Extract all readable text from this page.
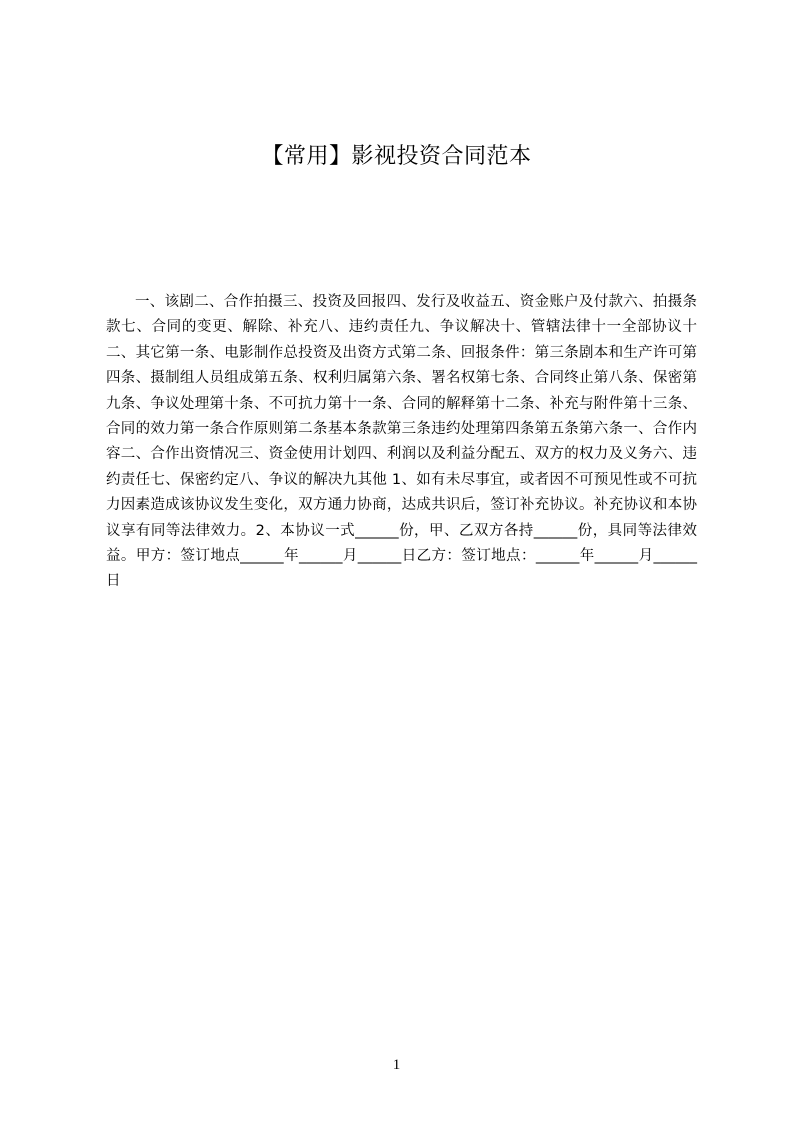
【常用】影视投资合同范本

一、该剧二、合作拍摄三、投资及回报四、发行及收益五、资金账户及付款六、拍摄条款七、合同的变更、解除、补充八、违约责任九、争议解决十、管辖法律十一全部协议十二、其它第一条、电影制作总投资及出资方式第二条、回报条件：第三条剧本和生产许可第四条、摄制组人员组成第五条、权利归属第六条、署名权第七条、合同终止第八条、保密第九条、争议处理第十条、不可抗力第十一条、合同的解释第十二条、补充与附件第十三条、合同的效力第一条合作原则第二条基本条款第三条违约处理第四条第五条第六条一、合作内容二、合作出资情况三、资金使用计划四、利润以及利益分配五、双方的权力及义务六、违约责任七、保密约定八、争议的解决九其他 1、如有未尽事宜，或者因不可预见性或不可抗力因素造成该协议发生变化，双方通力协商，达成共识后，签订补充协议。补充协议和本协议享有同等法律效力。2、本协议一式______份，甲、乙双方各持______份，具同等法律效益。甲方：签订地点______年______月______日乙方：签订地点：______年______月______日

1
